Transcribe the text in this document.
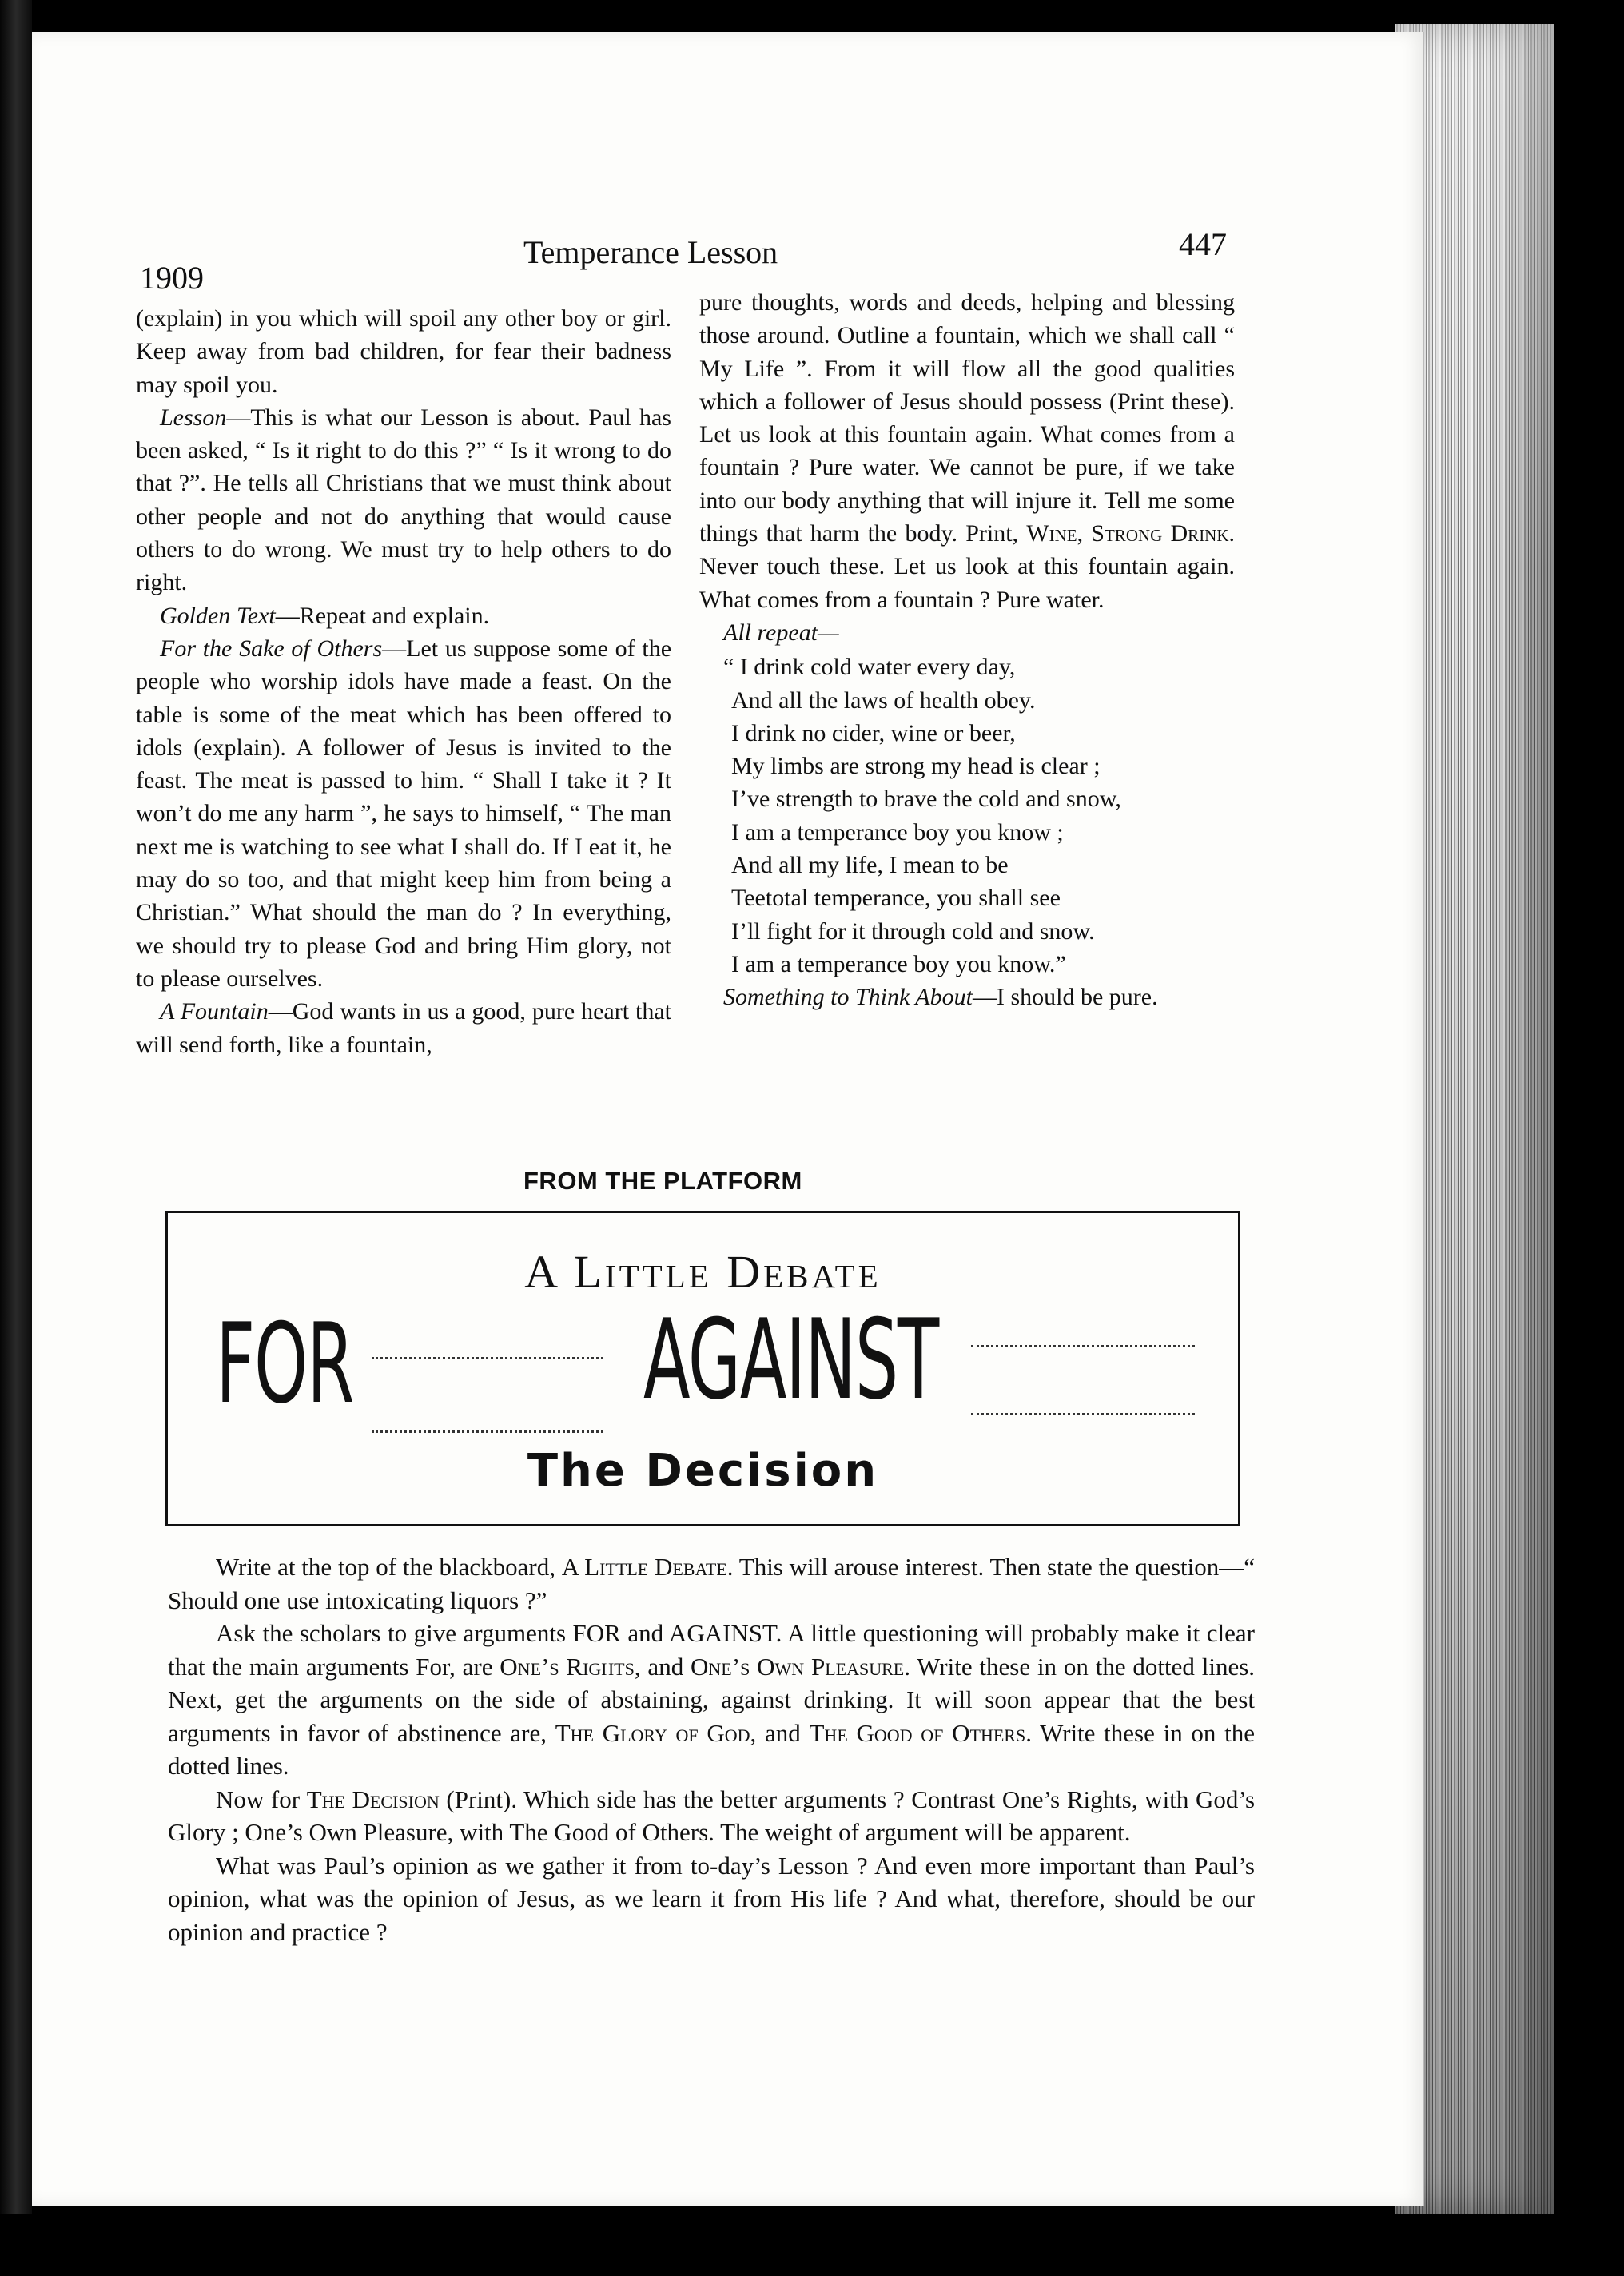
1909
Temperance Lesson	447

(explain) in you which will spoil any other boy or girl. Keep away from bad children, for fear their badness may spoil you.

Lesson—This is what our Lesson is about. Paul has been asked, “ Is it right to do this ?” “ Is it wrong to do that ?”. He tells all Christians that we must think about other people and not do anything that would cause others to do wrong. We must try to help others to do right.

Golden Text—Repeat and explain.

For the Sake of Others—Let us suppose some of the people who worship idols have made a feast. On the table is some of the meat which has been offered to idols (explain). A follower of Jesus is invited to the feast. The meat is passed to him. “ Shall I take it ? It won’t do me any harm ”, he says to himself, “ The man next me is watching to see what I shall do. If I eat it, he may do so too, and that might keep him from being a Christian.” What should the man do ? In everything, we should try to please God and bring Him glory, not to please ourselves.

A Fountain—God wants in us a good, pure heart that will send forth, like a fountain,

pure thoughts, words and deeds, helping and blessing those around. Outline a fountain, which we shall call “ My Life ”. From it will flow all the good qualities which a follower of Jesus should possess (Print these). Let us look at this fountain again. What comes from a fountain ? Pure water. We cannot be pure, if we take into our body anything that will injure it. Tell me some things that harm the body. Print, Wine, Strong Drink. Never touch these. Let us look at this fountain again. What comes from a fountain ? Pure water.

All repeat—

“ I drink cold water every day,
And all the laws of health obey.
I drink no cider, wine or beer,
My limbs are strong my head is clear ;
I’ve strength to brave the cold and snow,
I am a temperance boy you know ;
And all my life, I mean to be
Teetotal temperance, you shall see
I’ll fight for it through cold and snow.
I am a temperance boy you know.”

Something to Think About—I should be pure.

FROM THE PLATFORM
A Little Debate
FOR	AGAINST
The Decision

Write at the top of the blackboard, A Little Debate. This will arouse interest. Then state the question—“ Should one use intoxicating liquors ?”

Ask the scholars to give arguments FOR and AGAINST. A little questioning will probably make it clear that the main arguments For, are One’s Rights, and One’s Own Pleasure. Write these in on the dotted lines. Next, get the arguments on the side of abstaining, against drinking. It will soon appear that the best arguments in favor of abstinence are, The Glory of God, and The Good of Others. Write these in on the dotted lines.

Now for The Decision (Print). Which side has the better arguments ? Contrast One’s Rights, with God’s Glory ; One’s Own Pleasure, with The Good of Others. The weight of argument will be apparent.

What was Paul’s opinion as we gather it from to-day’s Lesson ? And even more important than Paul’s opinion, what was the opinion of Jesus, as we learn it from His life ? And what, therefore, should be our opinion and practice ?
